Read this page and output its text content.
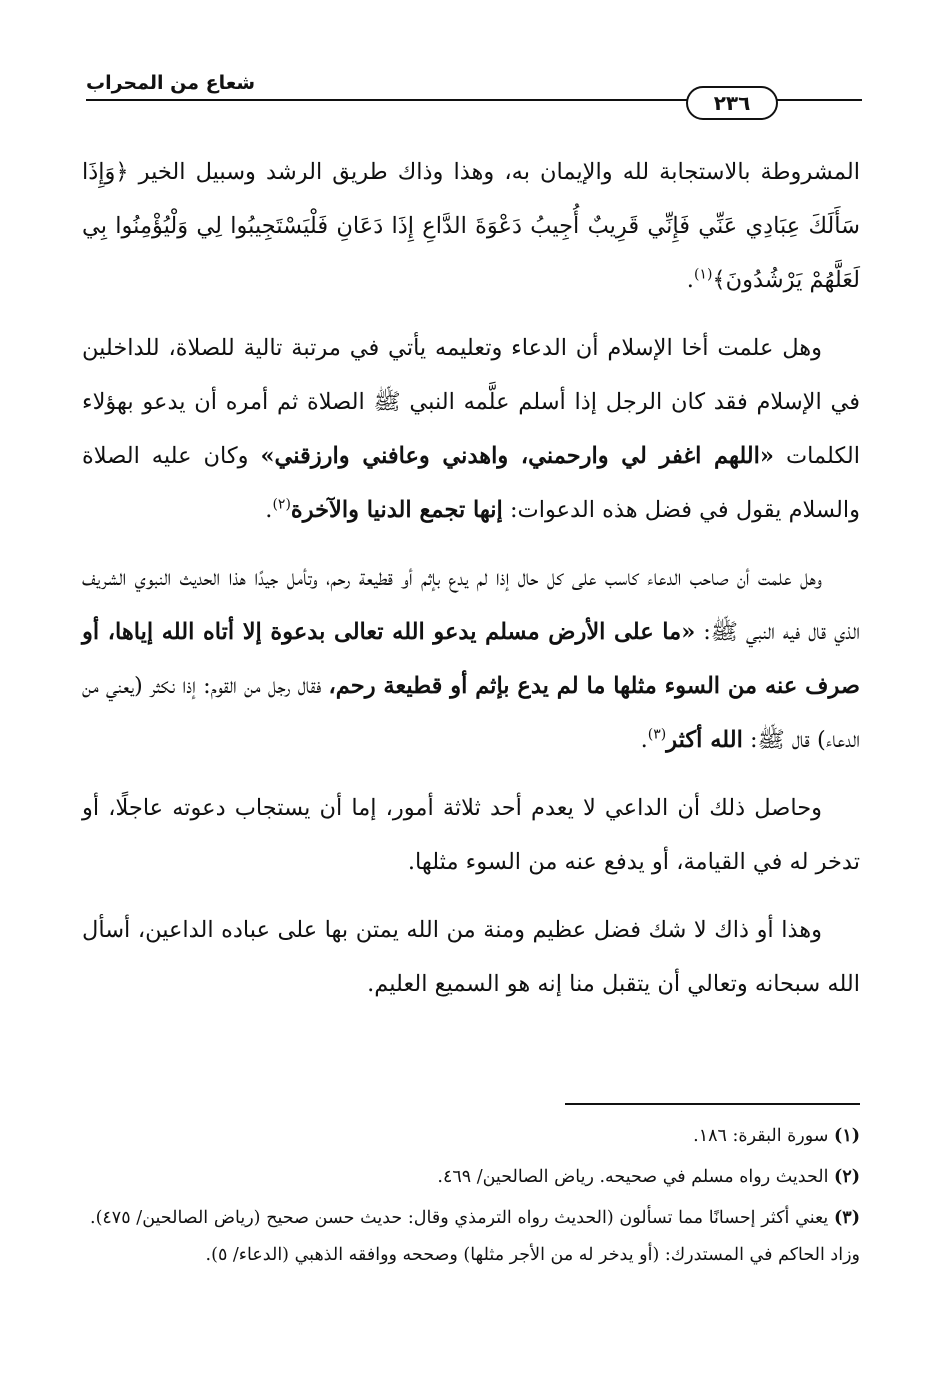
شعاع من المحراب
٢٣٦

المشروطة بالاستجابة لله والإيمان به، وهذا وذاك طريق الرشد وسبيل الخير ﴿وَإِذَا سَأَلَكَ عِبَادِي عَنِّي فَإِنِّي قَرِيبٌ أُجِيبُ دَعْوَةَ الدَّاعِ إِذَا دَعَانِ فَلْيَسْتَجِيبُوا لِي وَلْيُؤْمِنُوا بِي لَعَلَّهُمْ يَرْشُدُونَ﴾$^{(١)}$.

وهل علمت أخا الإسلام أن الدعاء وتعليمه يأتي في مرتبة تالية للصلاة، للداخلين في الإسلام فقد كان الرجل إذا أسلم علَّمه النبي ﷺ الصلاة ثم أمره أن يدعو بهؤلاء الكلمات «اللهم اغفر لي وارحمني، واهدني وعافني وارزقني» وكان عليه الصلاة والسلام يقول في فضل هذه الدعوات: إنها تجمع الدنيا والآخرة$^{(٢)}$.

وهل علمت أن صاحب الدعاء كاسب على كل حال إذا لم يدع بإثم أو قطيعة رحم، وتأمل جيدًا هذا الحديث النبوي الشريف الذي قال فيه النبي ﷺ: «ما على الأرض مسلم يدعو الله تعالى بدعوة إلا أتاه الله إياها، أو صرف عنه من السوء مثلها ما لم يدع بإثم أو قطيعة رحم، فقال رجل من القوم: إذا نكثر (يعني من الدعاء) قال ﷺ: الله أكثر$^{(٣)}$.

وحاصل ذلك أن الداعي لا يعدم أحد ثلاثة أمور، إما أن يستجاب دعوته عاجلًا، أو تدخر له في القيامة، أو يدفع عنه من السوء مثلها.

وهذا أو ذاك لا شك فضل عظيم ومنة من الله يمتن بها على عباده الداعين، أسأل الله سبحانه وتعالي أن يتقبل منا إنه هو السميع العليم.

(١) سورة البقرة: ١٨٦.
(٢) الحديث رواه مسلم في صحيحه. رياض الصالحين/ ٤٦٩.
(٣) يعني أكثر إحسانًا مما تسألون (الحديث رواه الترمذي وقال: حديث حسن صحيح (رياض الصالحين/ ٤٧٥). وزاد الحاكم في المستدرك: (أو يدخر له من الأجر مثلها) وصححه ووافقه الذهبي (الدعاء/ ٥).
